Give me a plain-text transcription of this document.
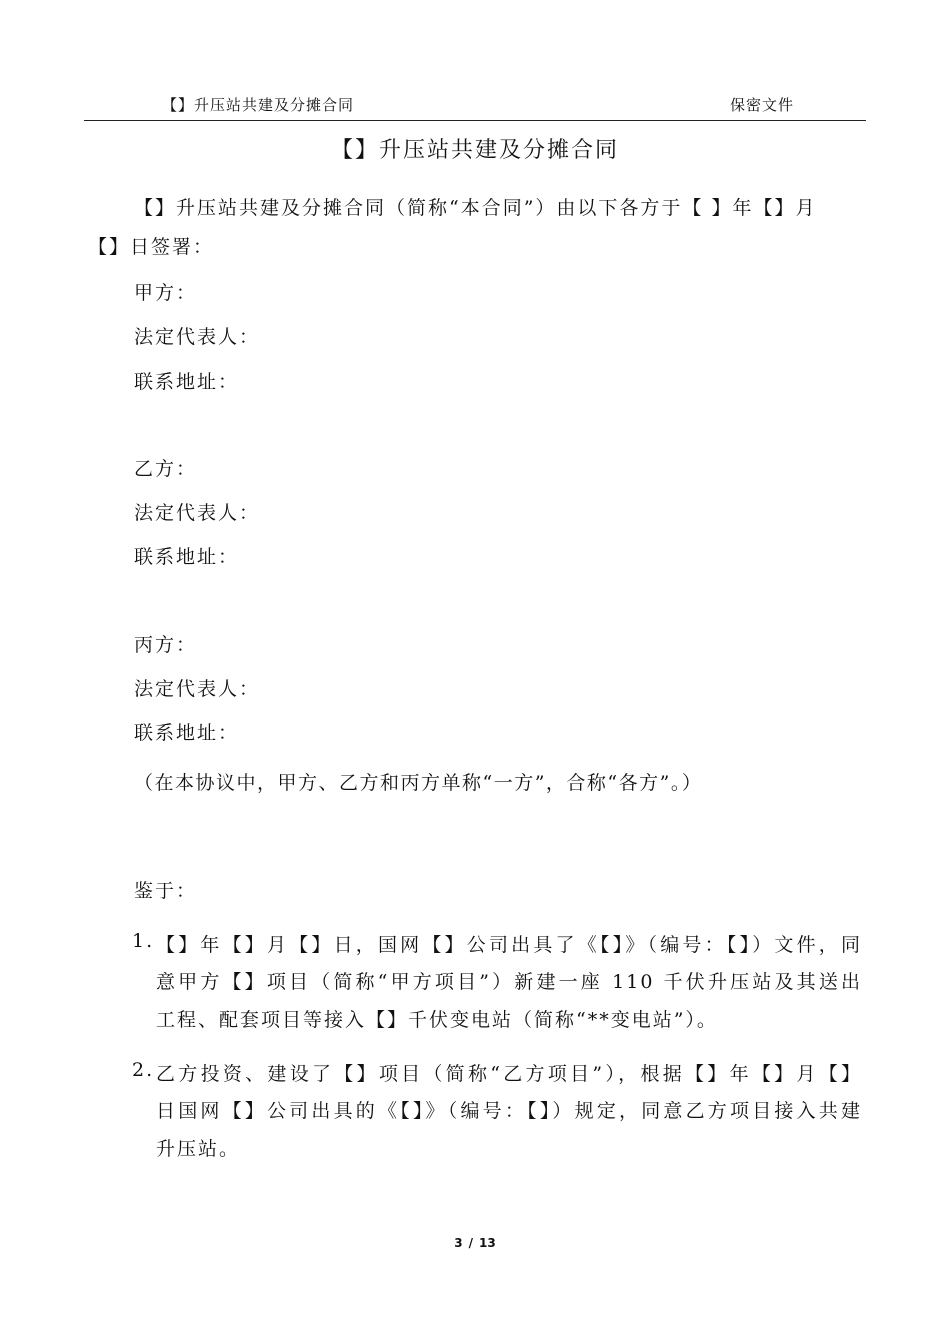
【】升压站共建及分摊合同	保密文件
【】升压站共建及分摊合同

【】升压站共建及分摊合同（简称“本合同”）由以下各方于【 】年【】月

【】日签署：

甲方：

法定代表人：

联系地址：

乙方：

法定代表人：

联系地址：

丙方：

法定代表人：

联系地址：

（在本协议中，甲方、乙方和丙方单称“一方”，合称“各方”。）

鉴于：

1. 【】年【】月【】日，国网【】公司出具了《【】》（编号：【】）文件，同

意甲方【】项目（简称“甲方项目”）新建一座 110 千伏升压站及其送出

工程、配套项目等接入【】千伏变电站（简称“**变电站”）。

2. 乙方投资、建设了【】项目（简称“乙方项目”），根据【】年【】月【】

日国网【】公司出具的《【】》（编号：【】）规定，同意乙方项目接入共建

升压站。

3 / 13
